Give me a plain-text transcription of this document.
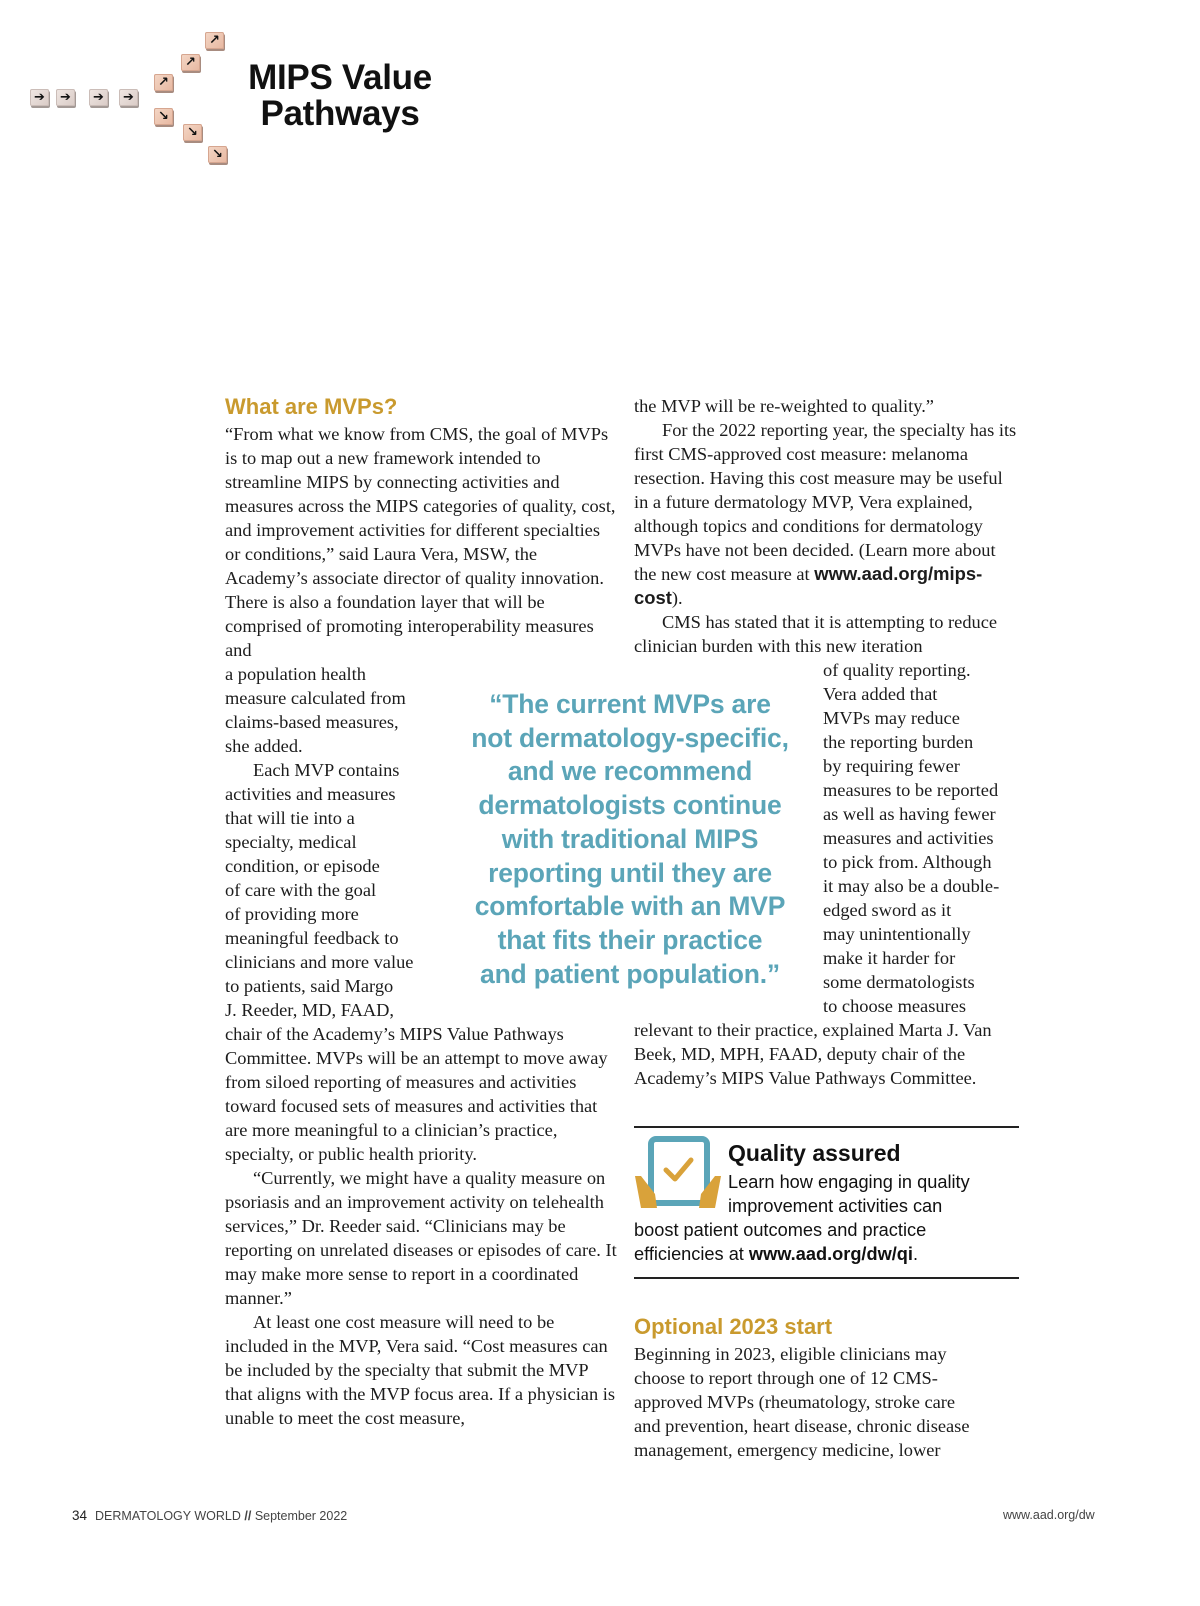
➔	➔	➔	➔
↗
↗
↗
↘
↘
↘
MIPS Value
Pathways
What are MVPs?

“From what we know from CMS, the goal of MVPs is to map out a new framework intended to streamline MIPS by connecting activities and measures across the MIPS categories of quality, cost, and improvement activities for different specialties or conditions,” said Laura Vera, MSW, the Academy’s associate director of quality innovation. There is also a foundation layer that will be comprised of promoting interoperability measures and

a population health
measure calculated from
claims-based measures,
she added.
Each MVP contains
activities and measures
that will tie into a
specialty, medical
condition, or episode
of care with the goal
of providing more
meaningful feedback to
clinicians and more value
to patients, said Margo
J. Reeder, MD, FAAD,

chair of the Academy’s MIPS Value Pathways Committee. MVPs will be an attempt to move away from siloed reporting of measures and activities toward focused sets of measures and activities that are more meaningful to a clinician’s practice, specialty, or public health priority.

“Currently, we might have a quality measure on psoriasis and an improvement activity on telehealth services,” Dr. Reeder said. “Clinicians may be reporting on unrelated diseases or episodes of care. It may make more sense to report in a coordinated manner.”

At least one cost measure will need to be included in the MVP, Vera said. “Cost measures can be included by the specialty that submit the MVP that aligns with the MVP focus area. If a physician is unable to meet the cost measure,

“The current MVPs are
not dermatology-specific,
and we recommend
dermatologists continue
with traditional MIPS
reporting until they are
comfortable with an MVP
that fits their practice
and patient population.”

the MVP will be re-weighted to quality.”

For the 2022 reporting year, the specialty has its first CMS-approved cost measure: melanoma resection. Having this cost measure may be useful in a future dermatology MVP, Vera explained, although topics and conditions for dermatology MVPs have not been decided. (Learn more about the new cost measure at www.aad.org/mips-cost).

CMS has stated that it is attempting to reduce clinician burden with this new iteration

of quality reporting.
Vera added that
MVPs may reduce
the reporting burden
by requiring fewer
measures to be reported
as well as having fewer
measures and activities
to pick from. Although
it may also be a double-
edged sword as it
may unintentionally
make it harder for
some dermatologists
to choose measures

relevant to their practice, explained Marta J. Van Beek, MD, MPH, FAAD, deputy chair of the Academy’s MIPS Value Pathways Committee.

Quality assured
Learn how engaging in quality
improvement activities can
boost patient outcomes and practice
efficiencies at www.aad.org/dw/qi.
Optional 2023 start
Beginning in 2023, eligible clinicians may
choose to report through one of 12 CMS-
approved MVPs (rheumatology, stroke care
and prevention, heart disease, chronic disease
management, emergency medicine, lower
34 DERMATOLOGY WORLD // September 2022	www.aad.org/dw
